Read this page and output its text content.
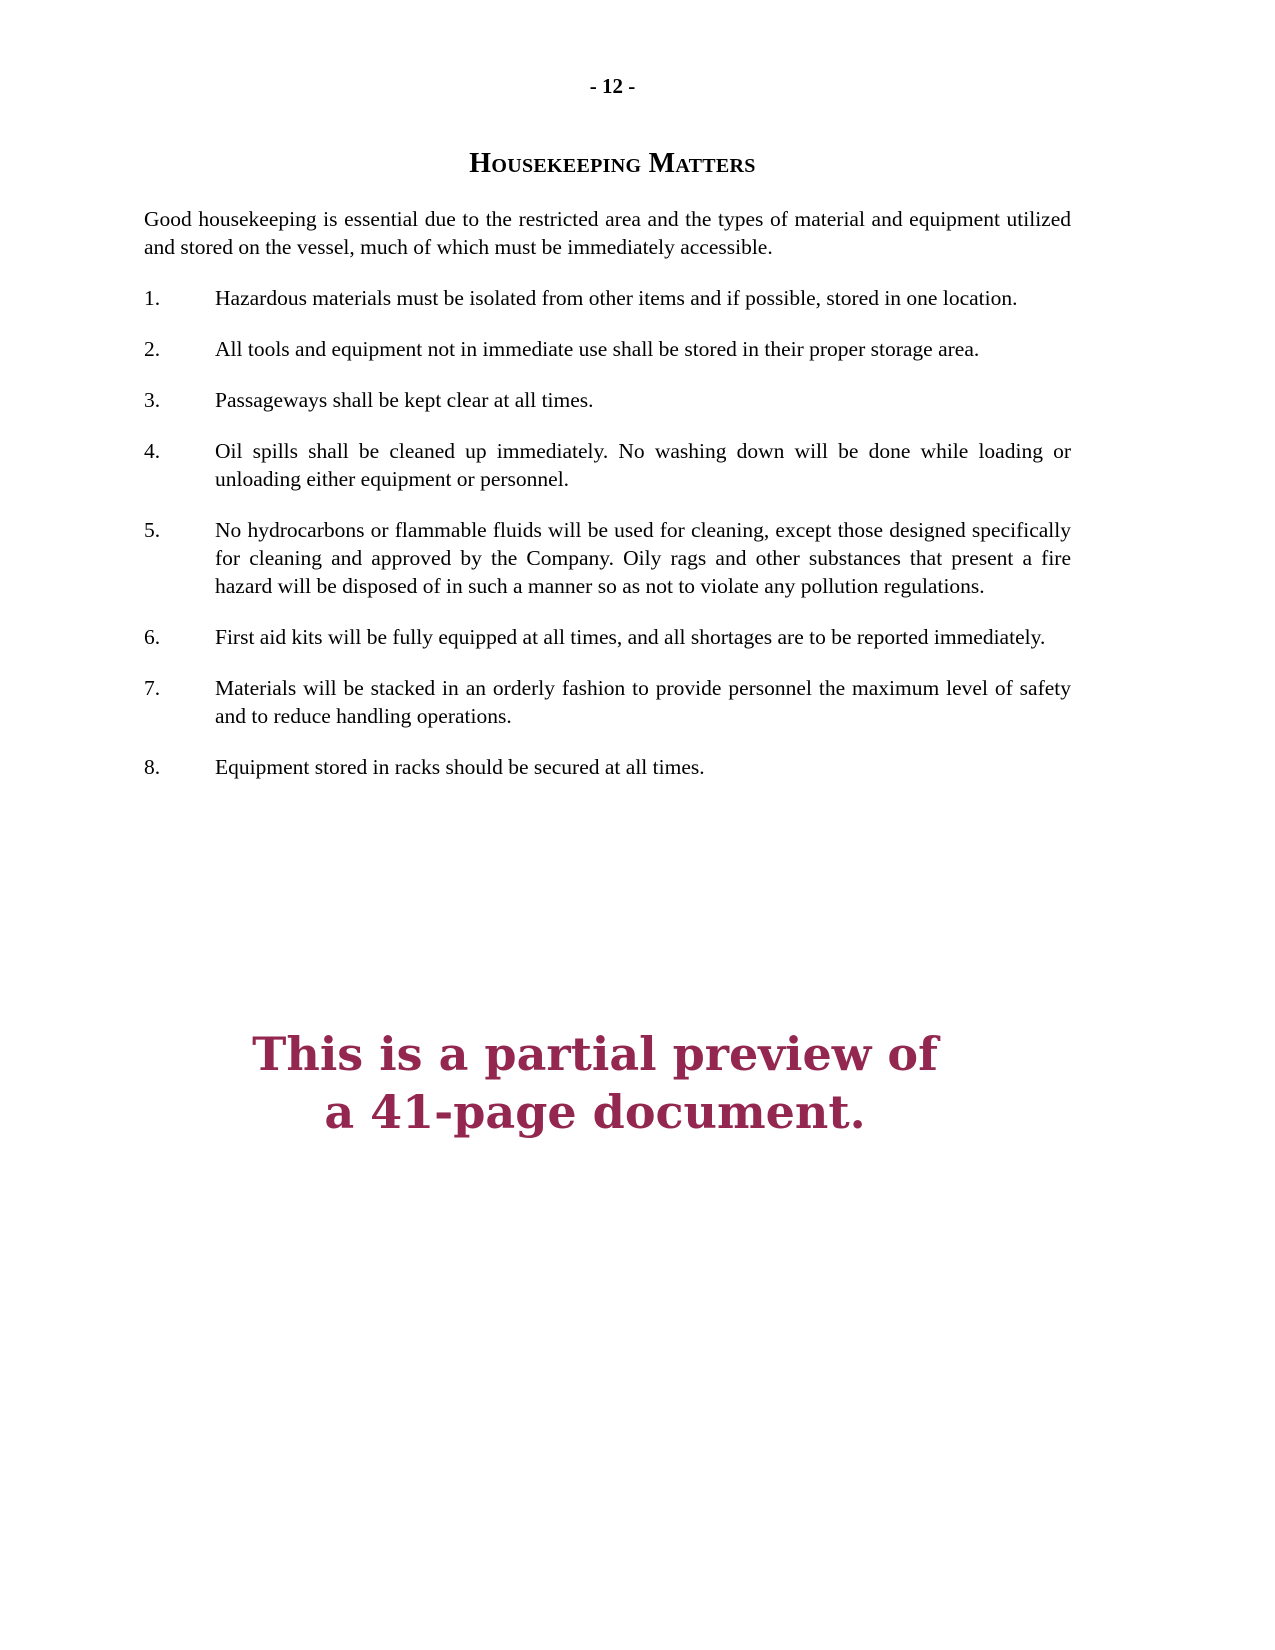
- 12 -
Housekeeping Matters
Good housekeeping is essential due to the restricted area and the types of material and equipment utilized and stored on the vessel, much of which must be immediately accessible.
1.	Hazardous materials must be isolated from other items and if possible, stored in one location.
2.	All tools and equipment not in immediate use shall be stored in their proper storage area.
3.	Passageways shall be kept clear at all times.
4.	Oil spills shall be cleaned up immediately. No washing down will be done while loading or unloading either equipment or personnel.
5.	No hydrocarbons or flammable fluids will be used for cleaning, except those designed specifically for cleaning and approved by the Company. Oily rags and other substances that present a fire hazard will be disposed of in such a manner so as not to violate any pollution regulations.
6.	First aid kits will be fully equipped at all times, and all shortages are to be reported immediately.
7.	Materials will be stacked in an orderly fashion to provide personnel the maximum level of safety and to reduce handling operations.
8.	Equipment stored in racks should be secured at all times.
This is a partial preview of
a 41-page document.
